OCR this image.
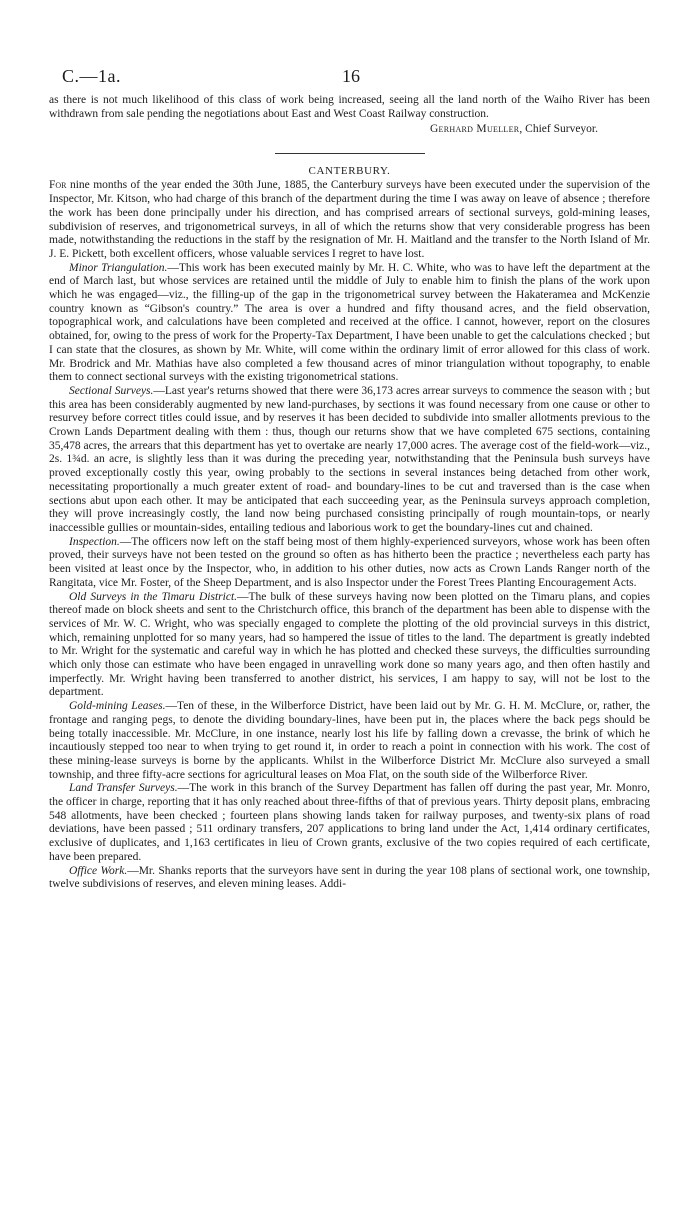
C.—1a.	16

as there is not much likelihood of this class of work being increased, seeing all the land north of the Waiho River has been withdrawn from sale pending the negotiations about East and West Coast Railway construction.

Gerhard Mueller, Chief Surveyor.
CANTERBURY.

For nine months of the year ended the 30th June, 1885, the Canterbury surveys have been executed under the supervision of the Inspector, Mr. Kitson, who had charge of this branch of the department during the time I was away on leave of absence ; therefore the work has been done principally under his direction, and has comprised arrears of sectional surveys, gold-mining leases, subdivision of reserves, and trigonometrical surveys, in all of which the returns show that very considerable progress has been made, notwithstanding the reductions in the staff by the resignation of Mr. H. Maitland and the transfer to the North Island of Mr. J. E. Pickett, both excellent officers, whose valuable services I regret to have lost.

Minor Triangulation.—This work has been executed mainly by Mr. H. C. White, who was to have left the department at the end of March last, but whose services are retained until the middle of July to enable him to finish the plans of the work upon which he was engaged—viz., the filling-up of the gap in the trigonometrical survey between the Hakateramea and McKenzie country known as “Gibson's country.” The area is over a hundred and fifty thousand acres, and the field observation, topographical work, and calculations have been completed and received at the office. I cannot, however, report on the closures obtained, for, owing to the press of work for the Property-Tax Department, I have been unable to get the calculations checked ; but I can state that the closures, as shown by Mr. White, will come within the ordinary limit of error allowed for this class of work. Mr. Brodrick and Mr. Mathias have also completed a few thousand acres of minor triangulation without topography, to enable them to connect sectional surveys with the existing trigonometrical stations.

Sectional Surveys.—Last year's returns showed that there were 36,173 acres arrear surveys to commence the season with ; but this area has been considerably augmented by new land-purchases, by sections it was found necessary from one cause or other to resurvey before correct titles could issue, and by reserves it has been decided to subdivide into smaller allotments previous to the Crown Lands Department dealing with them : thus, though our returns show that we have completed 675 sections, containing 35,478 acres, the arrears that this department has yet to overtake are nearly 17,000 acres. The average cost of the field-work—viz., 2s. 1¾d. an acre, is slightly less than it was during the preceding year, notwithstanding that the Peninsula bush surveys have proved exceptionally costly this year, owing probably to the sections in several instances being detached from other work, necessitating proportionally a much greater extent of road- and boundary-lines to be cut and traversed than is the case when sections abut upon each other. It may be anticipated that each succeeding year, as the Peninsula surveys approach completion, they will prove increasingly costly, the land now being purchased consisting principally of rough mountain-tops, or nearly inaccessible gullies or mountain-sides, entailing tedious and laborious work to get the boundary-lines cut and chained.

Inspection.—The officers now left on the staff being most of them highly-experienced surveyors, whose work has been often proved, their surveys have not been tested on the ground so often as has hitherto been the practice ; nevertheless each party has been visited at least once by the Inspector, who, in addition to his other duties, now acts as Crown Lands Ranger north of the Rangitata, vice Mr. Foster, of the Sheep Department, and is also Inspector under the Forest Trees Planting Encouragement Acts.

Old Surveys in the Timaru District.—The bulk of these surveys having now been plotted on the Timaru plans, and copies thereof made on block sheets and sent to the Christchurch office, this branch of the department has been able to dispense with the services of Mr. W. C. Wright, who was specially engaged to complete the plotting of the old provincial surveys in this district, which, remaining unplotted for so many years, had so hampered the issue of titles to the land. The department is greatly indebted to Mr. Wright for the systematic and careful way in which he has plotted and checked these surveys, the difficulties surrounding which only those can estimate who have been engaged in unravelling work done so many years ago, and then often hastily and imperfectly. Mr. Wright having been transferred to another district, his services, I am happy to say, will not be lost to the department.

Gold-mining Leases.—Ten of these, in the Wilberforce District, have been laid out by Mr. G. H. M. McClure, or, rather, the frontage and ranging pegs, to denote the dividing boundary-lines, have been put in, the places where the back pegs should be being totally inaccessible. Mr. McClure, in one instance, nearly lost his life by falling down a crevasse, the brink of which he incautiously stepped too near to when trying to get round it, in order to reach a point in connection with his work. The cost of these mining-lease surveys is borne by the applicants. Whilst in the Wilberforce District Mr. McClure also surveyed a small township, and three fifty-acre sections for agricultural leases on Moa Flat, on the south side of the Wilberforce River.

Land Transfer Surveys.—The work in this branch of the Survey Department has fallen off during the past year, Mr. Monro, the officer in charge, reporting that it has only reached about three-fifths of that of previous years. Thirty deposit plans, embracing 548 allotments, have been checked ; fourteen plans showing lands taken for railway purposes, and twenty-six plans of road deviations, have been passed ; 511 ordinary transfers, 207 applications to bring land under the Act, 1,414 ordinary certificates, exclusive of duplicates, and 1,163 certificates in lieu of Crown grants, exclusive of the two copies required of each certificate, have been prepared.

Office Work.—Mr. Shanks reports that the surveyors have sent in during the year 108 plans of sectional work, one township, twelve subdivisions of reserves, and eleven mining leases. Addi-
